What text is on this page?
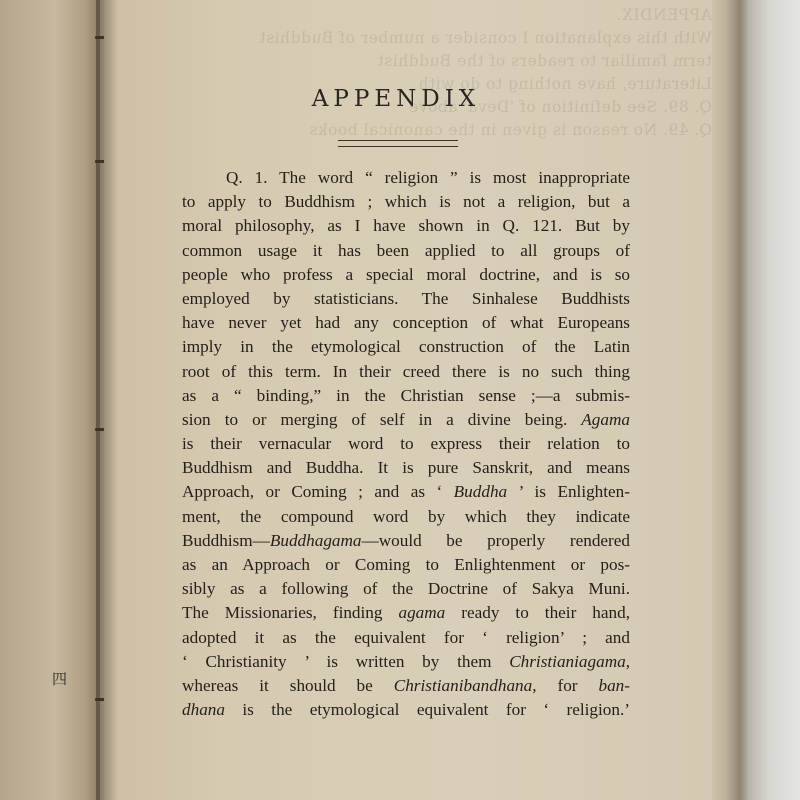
四
APPENDIX.
With this explanation I consider a number of Buddhist
term familiar to readers of the Buddhist
Literature, have nothing to do with
Q. 89. See definition of 'Deva' above
Q. 49. No reason is given in the canonical books
APPENDIX
Q. 1. The word “ religion ” is most inappropriate
to apply to Buddhism ; which is not a religion, but a
moral philosophy, as I have shown in Q. 121. But by
common usage it has been applied to all groups of
people who profess a special moral doctrine, and is so
employed by statisticians. The Sinhalese Buddhists
have never yet had any conception of what Europeans
imply in the etymological construction of the Latin
root of this term. In their creed there is no such thing
as a “ binding,” in the Christian sense ;—a submis-
sion to or merging of self in a divine being. Agama
is their vernacular word to express their relation to
Buddhism and Buddha. It is pure Sanskrit, and means
Approach, or Coming ; and as ‘ Buddha ’ is Enlighten-
ment, the compound word by which they indicate
Buddhism—Buddhagama—would be properly rendered
as an Approach or Coming to Enlightenment or pos-
sibly as a following of the Doctrine of Sakya Muni.
The Missionaries, finding agama ready to their hand,
adopted it as the equivalent for ‘ religion’ ; and
‘ Christianity ’ is written by them Christianiagama,
whereas it should be Christianibandhana, for ban-
dhana is the etymological equivalent for ‘ religion.’
